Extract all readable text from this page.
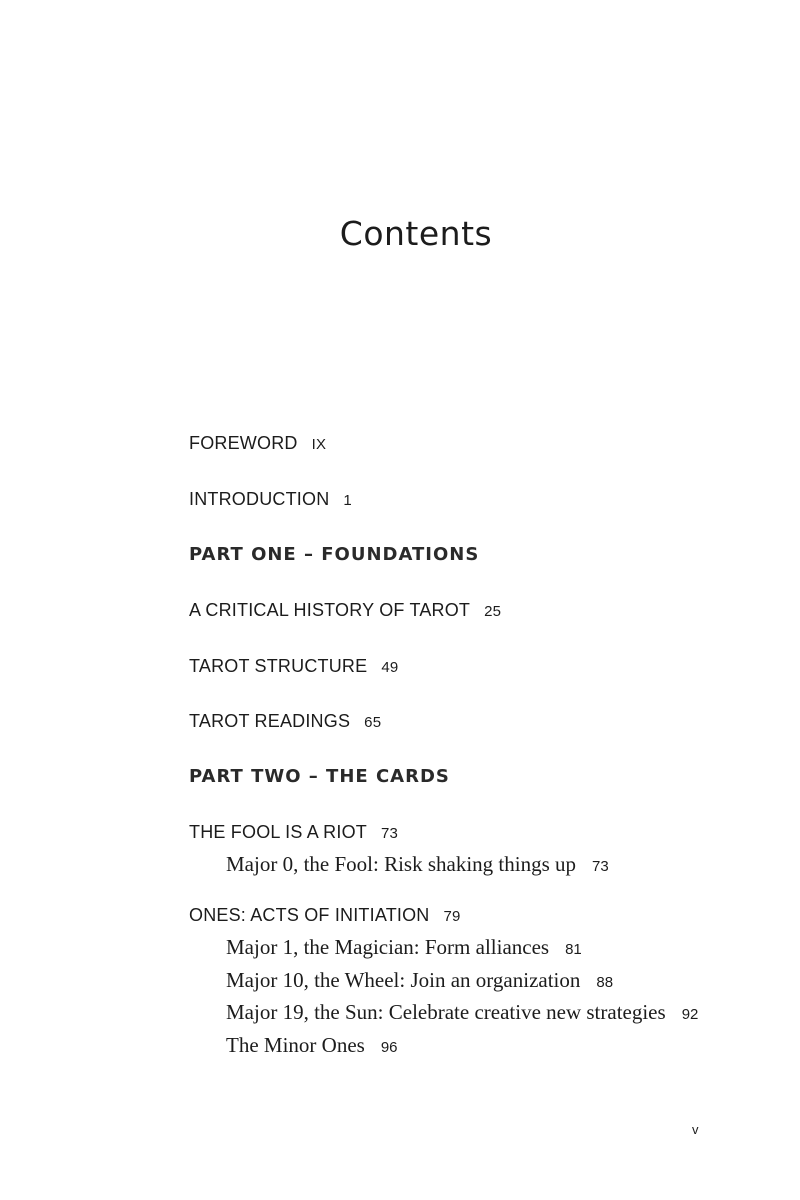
Contents
FOREWORD IX
INTRODUCTION 1
PART ONE – FOUNDATIONS
A CRITICAL HISTORY OF TAROT 25
TAROT STRUCTURE 49
TAROT READINGS 65
PART TWO – THE CARDS
THE FOOL IS A RIOT 73
Major 0, the Fool: Risk shaking things up 73
ONES: ACTS OF INITIATION 79
Major 1, the Magician: Form alliances 81
Major 10, the Wheel: Join an organization 88
Major 19, the Sun: Celebrate creative new strategies 92
The Minor Ones 96
v
